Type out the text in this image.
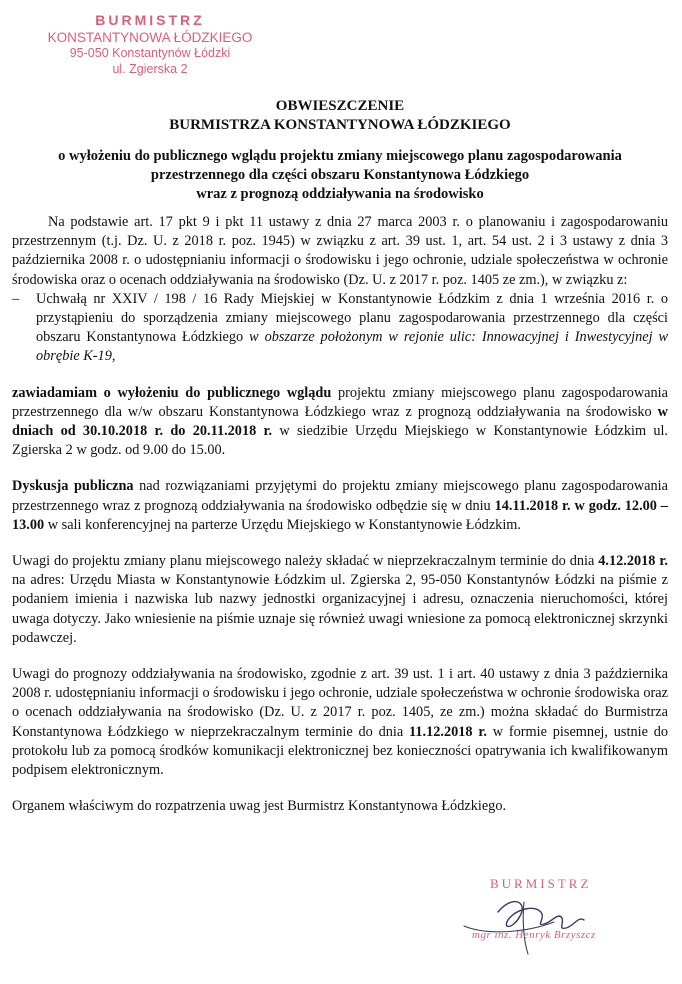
BURMISTRZ
KONSTANTYNOWA ŁÓDZKIEGO
95-050 Konstantynów Łódzki
ul. Zgierska 2
OBWIESZCZENIE
BURMISTRZA KONSTANTYNOWA ŁÓDZKIEGO
o wyłożeniu do publicznego wglądu projektu zmiany miejscowego planu zagospodarowania
przestrzennego dla części obszaru Konstantynowa Łódzkiego
wraz z prognozą oddziaływania na środowisko

Na podstawie art. 17 pkt 9 i pkt 11 ustawy z dnia 27 marca 2003 r. o planowaniu i zagospodarowaniu przestrzennym (t.j. Dz. U. z 2018 r. poz. 1945) w związku z art. 39 ust. 1, art. 54 ust. 2 i 3 ustawy z dnia 3 października 2008 r. o udostępnianiu informacji o środowisku i jego ochronie, udziale społeczeństwa w ochronie środowiska oraz o ocenach oddziaływania na środowisko (Dz. U. z 2017 r. poz. 1405 ze zm.), w związku z:

–	Uchwałą nr XXIV / 198 / 16 Rady Miejskiej w Konstantynowie Łódzkim z dnia 1 września 2016 r. o przystąpieniu do sporządzenia zmiany miejscowego planu zagospodarowania przestrzennego dla części obszaru Konstantynowa Łódzkiego w obszarze położonym w rejonie ulic: Innowacyjnej i Inwestycyjnej w obrębie K-19,

zawiadamiam o wyłożeniu do publicznego wglądu projektu zmiany miejscowego planu zagospodarowania przestrzennego dla w/w obszaru Konstantynowa Łódzkiego wraz z prognozą oddziaływania na środowisko w dniach od 30.10.2018 r. do 20.11.2018 r. w siedzibie Urzędu Miejskiego w Konstantynowie Łódzkim ul. Zgierska 2 w godz. od 9.00 do 15.00.

Dyskusja publiczna nad rozwiązaniami przyjętymi do projektu zmiany miejscowego planu zagospodarowania przestrzennego wraz z prognozą oddziaływania na środowisko odbędzie się w dniu 14.11.2018 r. w godz. 12.00 – 13.00 w sali konferencyjnej na parterze Urzędu Miejskiego w Konstantynowie Łódzkim.

Uwagi do projektu zmiany planu miejscowego należy składać w nieprzekraczalnym terminie do dnia 4.12.2018 r. na adres: Urzędu Miasta w Konstantynowie Łódzkim ul. Zgierska 2, 95-050 Konstantynów Łódzki na piśmie z podaniem imienia i nazwiska lub nazwy jednostki organizacyjnej i adresu, oznaczenia nieruchomości, której uwaga dotyczy. Jako wniesienie na piśmie uznaje się również uwagi wniesione za pomocą elektronicznej skrzynki podawczej.

Uwagi do prognozy oddziaływania na środowisko, zgodnie z art. 39 ust. 1 i art. 40 ustawy z dnia 3 października 2008 r. udostępnianiu informacji o środowisku i jego ochronie, udziale społeczeństwa w ochronie środowiska oraz o ocenach oddziaływania na środowisko (Dz. U. z 2017 r. poz. 1405, ze zm.) można składać do Burmistrza Konstantynowa Łódzkiego w nieprzekraczalnym terminie do dnia 11.12.2018 r. w formie pisemnej, ustnie do protokołu lub za pomocą środków komunikacji elektronicznej bez konieczności opatrywania ich kwalifikowanym podpisem elektronicznym.

Organem właściwym do rozpatrzenia uwag jest Burmistrz Konstantynowa Łódzkiego.

BURMISTRZ
mgr inż. Henryk Brzyszcz
